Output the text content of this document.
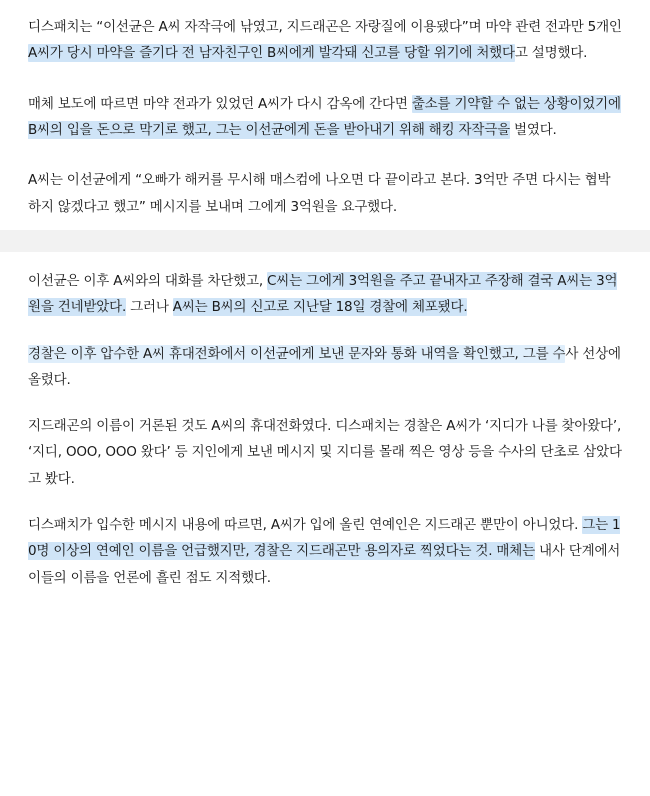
디스패치는 “이선균은 A씨 자작극에 낚였고, 지드래곤은 자랑질에 이용됐다”며 마약 관련 전과만 5개인 A씨가 당시 마약을 즐기다 전 남자친구인 B씨에게 발각돼 신고를 당할 위기에 처했다고 설명했다.

매체 보도에 따르면 마약 전과가 있었던 A씨가 다시 감옥에 간다면 출소를 기약할 수 없는 상황이었기에 B씨의 입을 돈으로 막기로 했고, 그는 이선균에게 돈을 받아내기 위해 해킹 자작극을 벌였다.

A씨는 이선균에게 “오빠가 해커를 무시해 매스컴에 나오면 다 끝이라고 본다. 3억만 주면 다시는 협박 하지 않겠다고 했고” 메시지를 보내며 그에게 3억원을 요구했다.

이선균은 이후 A씨와의 대화를 차단했고, C씨는 그에게 3억원을 주고 끝내자고 주장해 결국 A씨는 3억원을 건네받았다. 그러나 A씨는 B씨의 신고로 지난달 18일 경찰에 체포됐다.

경찰은 이후 압수한 A씨 휴대전화에서 이선균에게 보낸 문자와 통화 내역을 확인했고, 그를 수사 선상에 올렸다.

지드래곤의 이름이 거론된 것도 A씨의 휴대전화였다. 디스패치는 경찰은 A씨가 ‘지디가 나를 찾아왔다’, ‘지디, OOO, OOO 왔다’ 등 지인에게 보낸 메시지 및 지디를 몰래 찍은 영상 등을 수사의 단초로 삼았다고 봤다.

디스패치가 입수한 메시지 내용에 따르면, A씨가 입에 올린 연예인은 지드래곤 뿐만이 아니었다. 그는 10명 이상의 연예인 이름을 언급했지만, 경찰은 지드래곤만 용의자로 찍었다는 것. 매체는 내사 단계에서 이들의 이름을 언론에 흘린 점도 지적했다.
